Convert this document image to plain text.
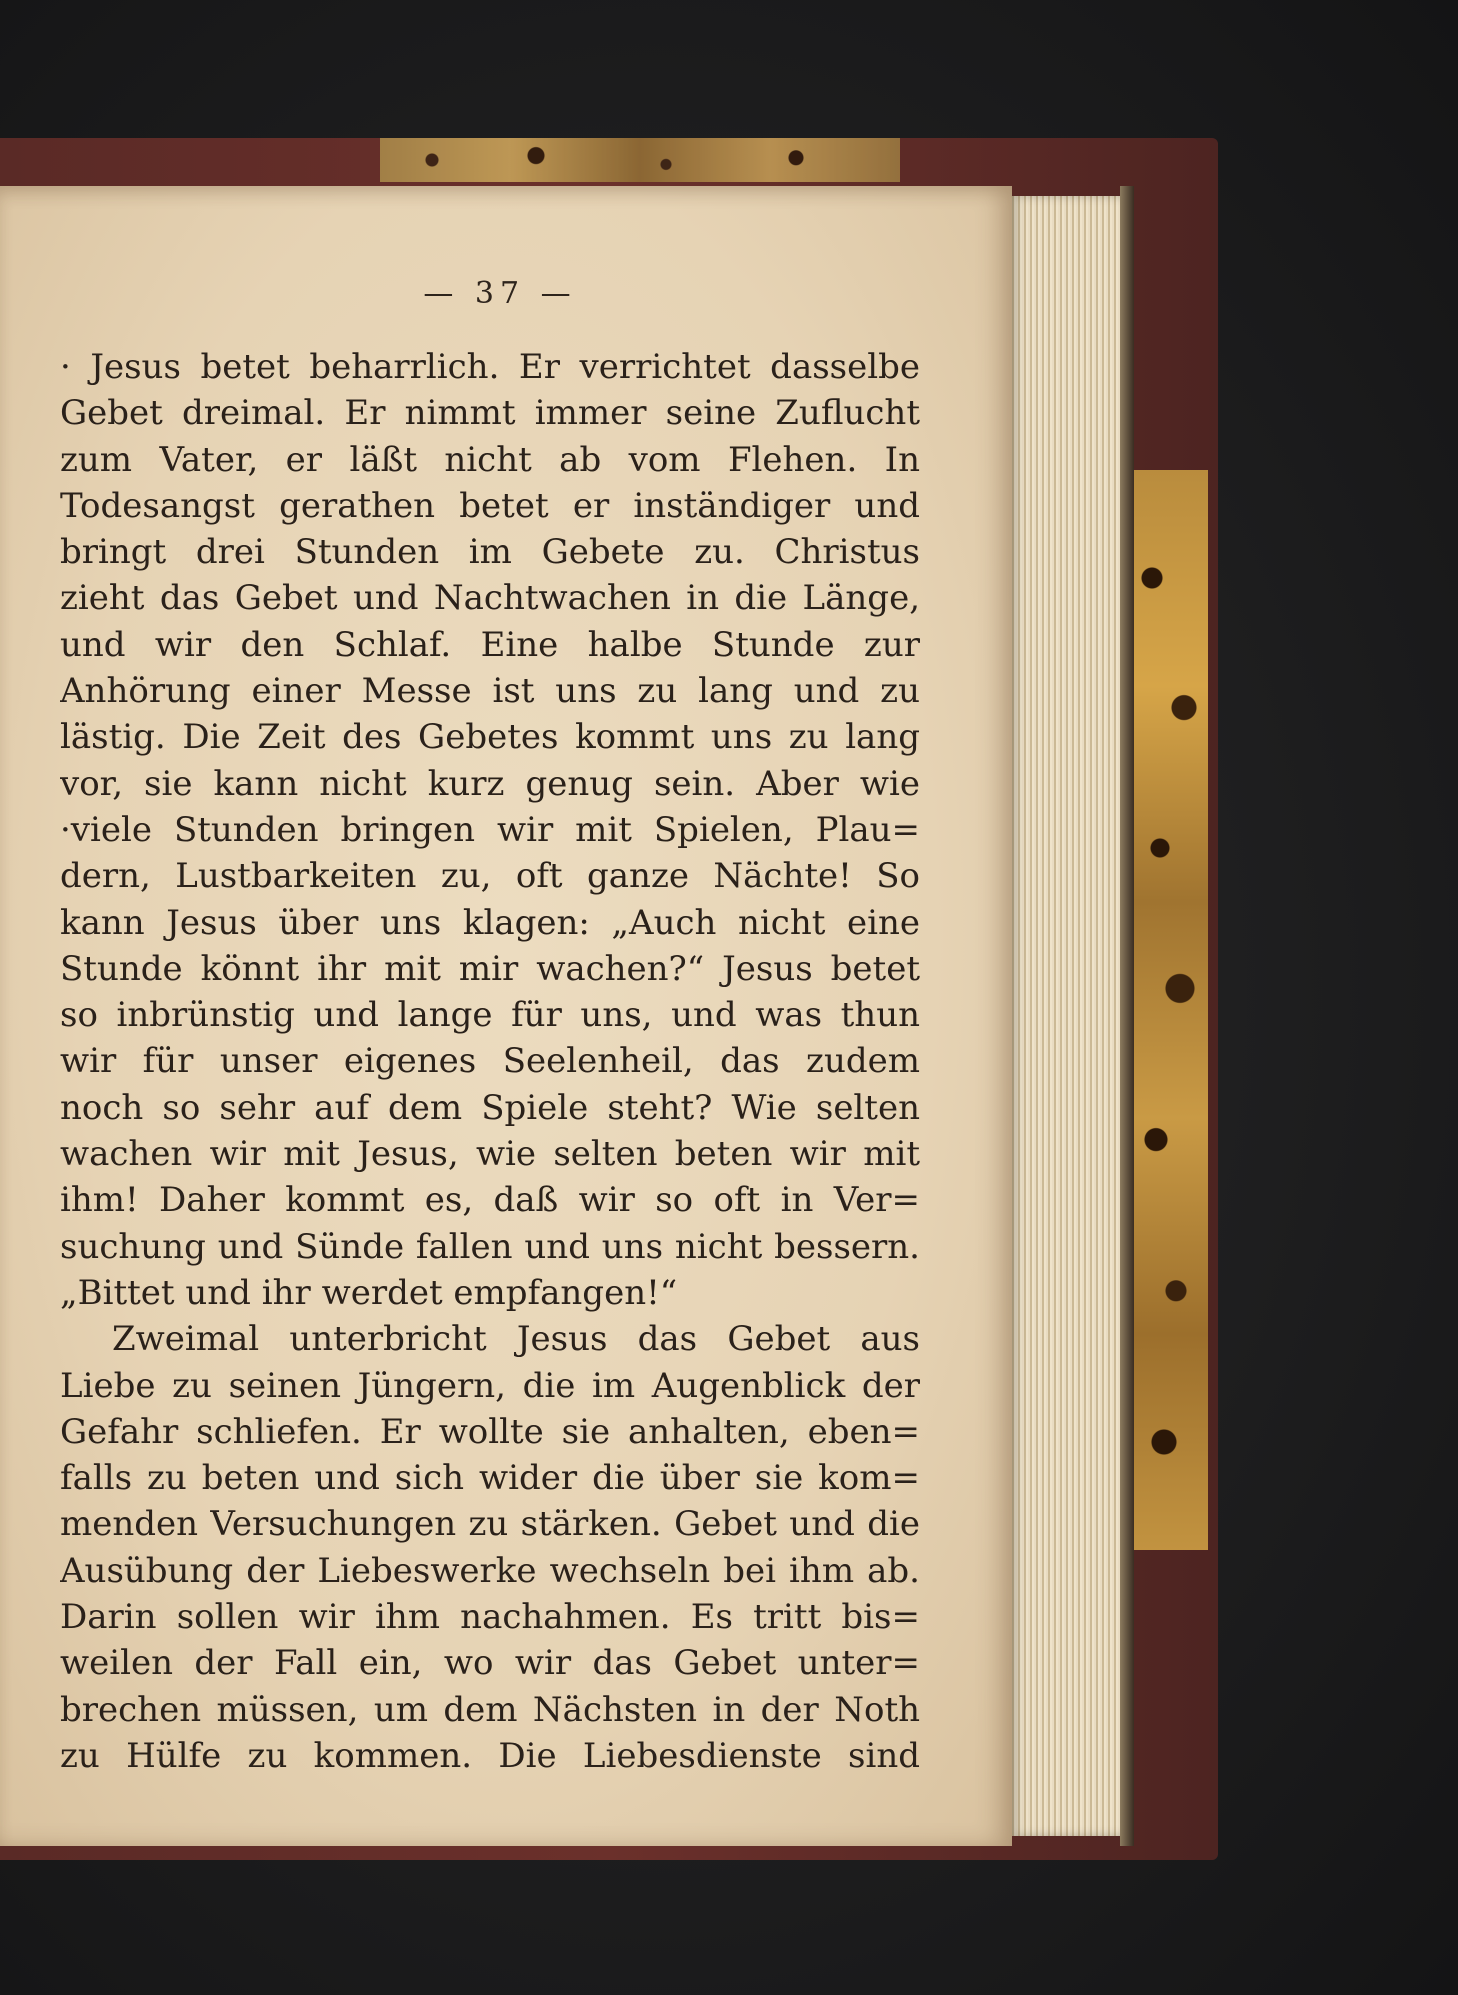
— 37 —
· Jesus betet beharrlich. Er verrichtet dasselbe
Gebet dreimal. Er nimmt immer seine Zuflucht
zum Vater, er läßt nicht ab vom Flehen. In
Todesangst gerathen betet er inständiger und
bringt drei Stunden im Gebete zu. Christus
zieht das Gebet und Nachtwachen in die Länge,
und wir den Schlaf. Eine halbe Stunde zur
Anhörung einer Messe ist uns zu lang und zu
lästig. Die Zeit des Gebetes kommt uns zu lang
vor, sie kann nicht kurz genug sein. Aber wie
·viele Stunden bringen wir mit Spielen, Plau=
dern, Lustbarkeiten zu, oft ganze Nächte! So
kann Jesus über uns klagen: „Auch nicht eine
Stunde könnt ihr mit mir wachen?“ Jesus betet
so inbrünstig und lange für uns, und was thun
wir für unser eigenes Seelenheil, das zudem
noch so sehr auf dem Spiele steht? Wie selten
wachen wir mit Jesus, wie selten beten wir mit
ihm! Daher kommt es, daß wir so oft in Ver=
suchung und Sünde fallen und uns nicht bessern.
„Bittet und ihr werdet empfangen!“
Zweimal unterbricht Jesus das Gebet aus
Liebe zu seinen Jüngern, die im Augenblick der
Gefahr schliefen. Er wollte sie anhalten, eben=
falls zu beten und sich wider die über sie kom=
menden Versuchungen zu stärken. Gebet und die
Ausübung der Liebeswerke wechseln bei ihm ab.
Darin sollen wir ihm nachahmen. Es tritt bis=
weilen der Fall ein, wo wir das Gebet unter=
brechen müssen, um dem Nächsten in der Noth
zu Hülfe zu kommen. Die Liebesdienste sind
